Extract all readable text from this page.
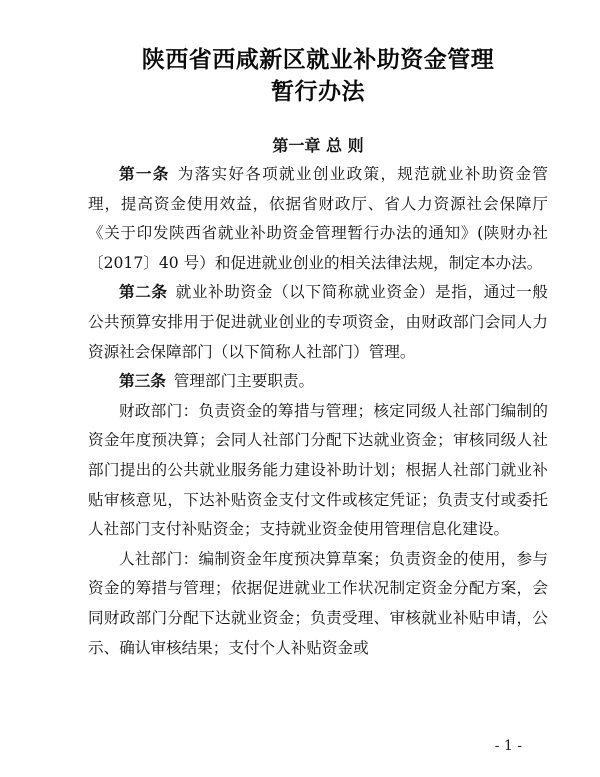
陕西省西咸新区就业补助资金管理
暂行办法
第一章 总 则

第一条 为落实好各项就业创业政策，规范就业补助资金管理，提高资金使用效益，依据省财政厅、省人力资源社会保障厅《关于印发陕西省就业补助资金管理暂行办法的通知》(陕财办社〔2017〕40 号）和促进就业创业的相关法律法规，制定本办法。

第二条 就业补助资金（以下简称就业资金）是指，通过一般公共预算安排用于促进就业创业的专项资金，由财政部门会同人力资源社会保障部门（以下简称人社部门）管理。

第三条 管理部门主要职责。

财政部门：负责资金的筹措与管理；核定同级人社部门编制的资金年度预决算；会同人社部门分配下达就业资金；审核同级人社部门提出的公共就业服务能力建设补助计划；根据人社部门就业补贴审核意见，下达补贴资金支付文件或核定凭证；负责支付或委托人社部门支付补贴资金；支持就业资金使用管理信息化建设。

人社部门：编制资金年度预决算草案；负责资金的使用，参与资金的筹措与管理；依据促进就业工作状况制定资金分配方案，会同财政部门分配下达就业资金；负责受理、审核就业补贴申请，公示、确认审核结果；支付个人补贴资金或

- 1 -
